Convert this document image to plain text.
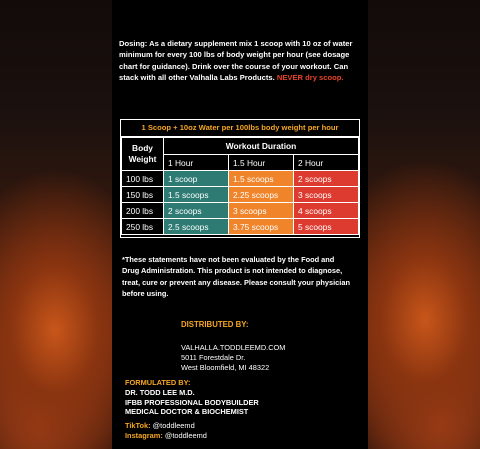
Dosing: As a dietary supplement mix 1 scoop with 10 oz of water minimum for every 100 lbs of body weight per hour (see dosage chart for guidance). Drink over the course of your workout. Can stack with all other Valhalla Labs Products. NEVER dry scoop.
1 Scoop + 10oz Water per 100lbs body weight per hour
Body Weight	Workout Duration		
	1 Hour	1.5 Hour	2 Hour
100 lbs	1 scoop	1.5 scoops	2 scoops
150 lbs	1.5 scoops	2.25 scoops	3 scoops
200 lbs	2 scoops	3 scoops	4 scoops
250 lbs	2.5 scoops	3.75 scoops	5 scoops
*These statements have not been evaluated by the Food and Drug Administration. This product is not intended to diagnose, treat, cure or prevent any disease. Please consult your physician before using.
DISTRIBUTED BY:
VALHALLA.TODDLEEMD.COM
5011 Forestdale Dr.
West Bloomfield, MI 48322
FORMULATED BY:
DR. TODD LEE M.D.
IFBB PROFESSIONAL BODYBUILDER
MEDICAL DOCTOR & BIOCHEMIST
TikTok: @toddleemd
Instagram: @toddleemd
